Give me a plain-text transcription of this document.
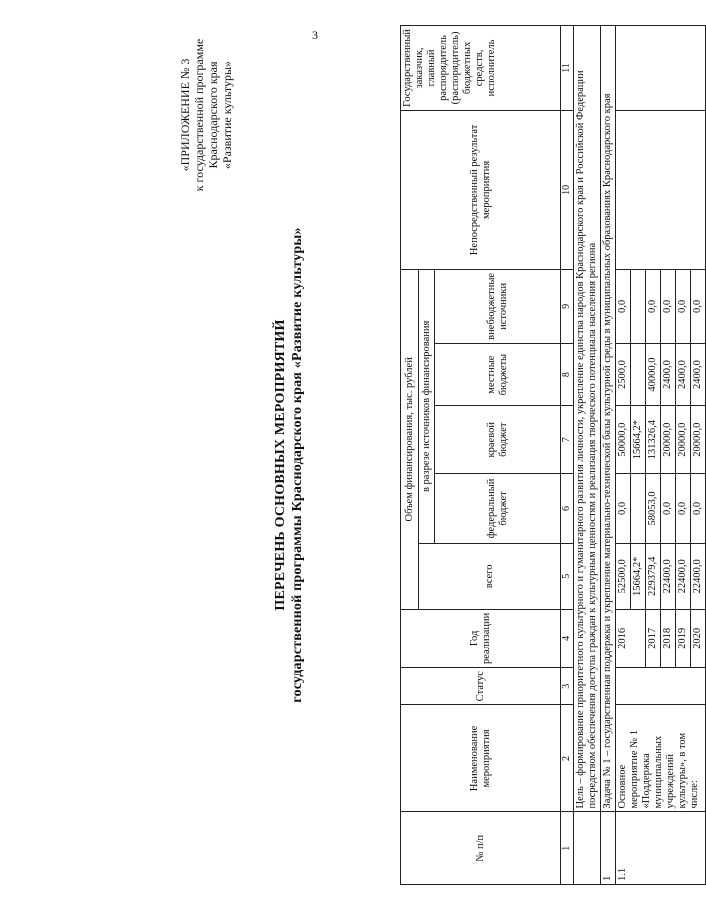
3
«ПРИЛОЖЕНИЕ № 3 к государственной программе Краснодарского края «Развитие культуры»
ПЕРЕЧЕНЬ ОСНОВНЫХ МЕРОПРИЯТИЙ государственной программы Краснодарского края «Развитие культуры»
№ п/п	Наименование мероприятия	Статус	Год реализации	Объем финансирования, тыс. рублей					Непосредственный результат мероприятия	Государственный заказчик, главный распорядитель (распорядитель) бюджетных средств, исполнитель
				всего	в разрезе источников финансирования					
					федеральный бюджет	краевой бюджет	местные бюджеты	внебюджетные источники		
1	2	3	4	5	6	7	8	9	10	11
	Цель – формирование приоритетного культурного и гуманитарного развития личности, укрепление единства народов Краснодарского края и Российской Федерации посредством обеспечения доступа граждан к культурным ценностям и реализация творческого потенциала населения региона									
1	Задача № 1 – государственная поддержка и укрепление материально-технической базы культурной среды в муниципальных образованиях Краснодарского края									
1.1	Основное мероприятие № 1 «Поддержка муниципальных учреждений культуры», в том числе:		2016	52500,0	0,0	50000,0	2500,0	0,0		
				15664,2*		15664,2*				
			2017	229379,4	58053,0	131326,4	40000,0	0,0		
			2018	22400,0	0,0	20000,0	2400,0	0,0		
			2019	22400,0	0,0	20000,0	2400,0	0,0		
			2020	22400,0	0,0	20000,0	2400,0	0,0		
